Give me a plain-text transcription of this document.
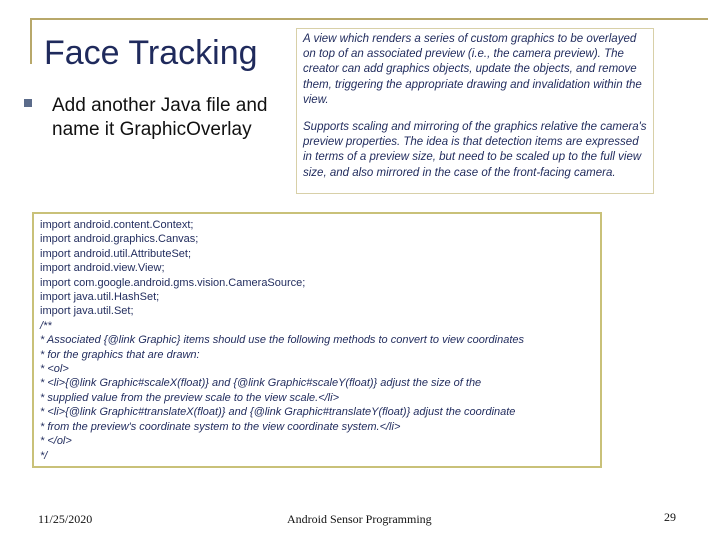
Face Tracking
Add another Java file and name it GraphicOverlay

A view which renders a series of custom graphics to be overlayed on top of an associated preview (i.e., the camera preview). The creator can add graphics objects, update the objects, and remove them, triggering the appropriate drawing and invalidation within the view.

Supports scaling and mirroring of the graphics relative the camera's preview properties. The idea is that detection items are expressed in terms of a preview size, but need to be scaled up to the full view size, and also mirrored in the case of the front-facing camera.

import android.content.Context;
import android.graphics.Canvas;
import android.util.AttributeSet;
import android.view.View;
import com.google.android.gms.vision.CameraSource;
import java.util.HashSet;
import java.util.Set;
/**
* Associated {@link Graphic} items should use the following methods to convert to view coordinates
* for the graphics that are drawn:
* <ol>
* <li>{@link Graphic#scaleX(float)} and {@link Graphic#scaleY(float)} adjust the size of the
* supplied value from the preview scale to the view scale.</li>
* <li>{@link Graphic#translateX(float)} and {@link Graphic#translateY(float)} adjust the coordinate
* from the preview's coordinate system to the view coordinate system.</li>
* </ol>
*/
11/25/2020	Android Sensor Programming	29
